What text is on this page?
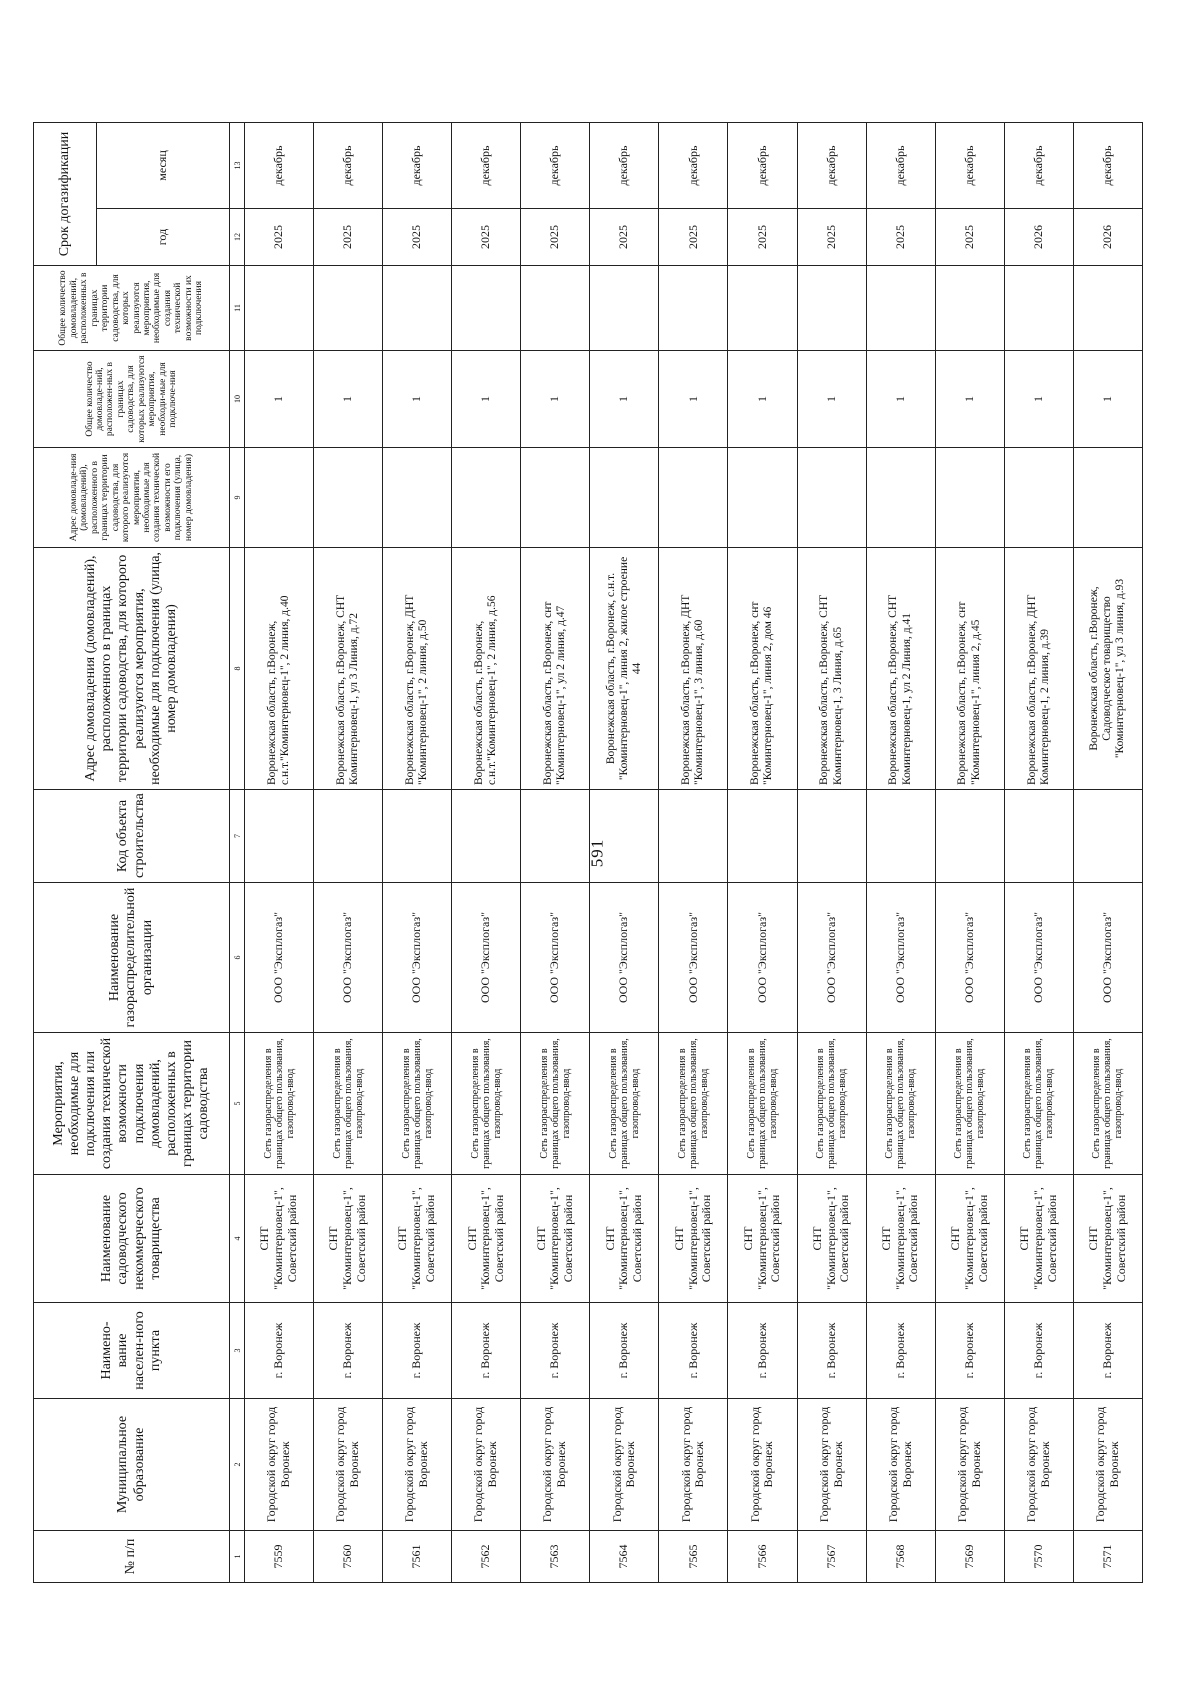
591
№ п/п	Муниципальное образование	Наимено-вание населен-ного пункта	Наименование садоводческого некоммерческого товарищества	Мероприятия, необходимые для подключения или создания технической возможности подключения домовладений, расположенных в границах территории садоводства	Наименование газораспределительной организации	Код объекта строительства	Адрес домовладения (домовладений), расположенного в границах территории садоводства, для которого реализуются мероприятия, необходимые для подключения (улица, номер домовладения)	Адрес домовладе-ния (домовладений), расположенного в границах территории садоводства, для которого реализуются мероприятия, необходимые для создания технической возможности его подключения (улица, номер домовладения)	Общее количество домовладе-ний, расположен-ных в границах садоводства, для которых реализуются мероприятия, необходи-мые для подключе-ния	Общее количество домовладений, расположенных в границах территории садоводства, для которых реализуются мероприятия, необходимые для создания технической возможности их подключения	Срок догазификации	
											год	месяц
1	2	3	4	5	6	7	8	9	10	11	12	13
7559	Городской округ город Воронеж	г. Воронеж	СНТ "Коминтерновец-1", Советский район	Сеть газораспределения в границах общего пользования, газопровод-ввод	ООО "Эксплогаз"		Воронежская область, г.Воронеж, с.н.т."Коминтерновец-1", 2 линия, д.40		1		2025	декабрь
7560	Городской округ город Воронеж	г. Воронеж	СНТ "Коминтерновец-1", Советский район	Сеть газораспределения в границах общего пользования, газопровод-ввод	ООО "Эксплогаз"		Воронежская область, г.Воронеж, СНТ Коминтерновец-1, ул 3 Линия, д.72		1		2025	декабрь
7561	Городской округ город Воронеж	г. Воронеж	СНТ "Коминтерновец-1", Советский район	Сеть газораспределения в границах общего пользования, газопровод-ввод	ООО "Эксплогаз"		Воронежская область, г.Воронеж, ДНТ "Коминтерновец-1", 2 линия, д.50		1		2025	декабрь
7562	Городской округ город Воронеж	г. Воронеж	СНТ "Коминтерновец-1", Советский район	Сеть газораспределения в границах общего пользования, газопровод-ввод	ООО "Эксплогаз"		Воронежская область, г.Воронеж, с.н.т."Коминтерновец-1", 2 линия, д.56		1		2025	декабрь
7563	Городской округ город Воронеж	г. Воронеж	СНТ "Коминтерновец-1", Советский район	Сеть газораспределения в границах общего пользования, газопровод-ввод	ООО "Эксплогаз"		Воронежская область, г.Воронеж, снт "Коминтерновец-1", ул 2 линия, д.47		1		2025	декабрь
7564	Городской округ город Воронеж	г. Воронеж	СНТ "Коминтерновец-1", Советский район	Сеть газораспределения в границах общего пользования, газопровод-ввод	ООО "Эксплогаз"		Воронежская область, г.Воронеж, с.н.т. "Коминтерновец-1", линия 2, жилое строение 44		1		2025	декабрь
7565	Городской округ город Воронеж	г. Воронеж	СНТ "Коминтерновец-1", Советский район	Сеть газораспределения в границах общего пользования, газопровод-ввод	ООО "Эксплогаз"		Воронежская область, г.Воронеж, ДНТ "Коминтерновец-1", 3 линия, д.60		1		2025	декабрь
7566	Городской округ город Воронеж	г. Воронеж	СНТ "Коминтерновец-1", Советский район	Сеть газораспределения в границах общего пользования, газопровод-ввод	ООО "Эксплогаз"		Воронежская область, г.Воронеж, снт "Коминтерновец-1", линия 2, дом 46		1		2025	декабрь
7567	Городской округ город Воронеж	г. Воронеж	СНТ "Коминтерновец-1", Советский район	Сеть газораспределения в границах общего пользования, газопровод-ввод	ООО "Эксплогаз"		Воронежская область, г.Воронеж, СНТ Коминтерновец-1, 3 Линия, д.65		1		2025	декабрь
7568	Городской округ город Воронеж	г. Воронеж	СНТ "Коминтерновец-1", Советский район	Сеть газораспределения в границах общего пользования, газопровод-ввод	ООО "Эксплогаз"		Воронежская область, г.Воронеж, СНТ Коминтерновец-1, ул 2 Линия, д.41		1		2025	декабрь
7569	Городской округ город Воронеж	г. Воронеж	СНТ "Коминтерновец-1", Советский район	Сеть газораспределения в границах общего пользования, газопровод-ввод	ООО "Эксплогаз"		Воронежская область, г.Воронеж, снт "Коминтерновец-1", линия 2, д.45		1		2025	декабрь
7570	Городской округ город Воронеж	г. Воронеж	СНТ "Коминтерновец-1", Советский район	Сеть газораспределения в границах общего пользования, газопровод-ввод	ООО "Эксплогаз"		Воронежская область, г.Воронеж, ДНТ Коминтерновец-1, 2 линия, д.39		1		2026	декабрь
7571	Городской округ город Воронеж	г. Воронеж	СНТ "Коминтерновец-1", Советский район	Сеть газораспределения в границах общего пользования, газопровод-ввод	ООО "Эксплогаз"		Воронежская область, г.Воронеж, Садоводческое товарищество "Коминтерновец-1", ул 3 линия, д.93		1		2026	декабрь
